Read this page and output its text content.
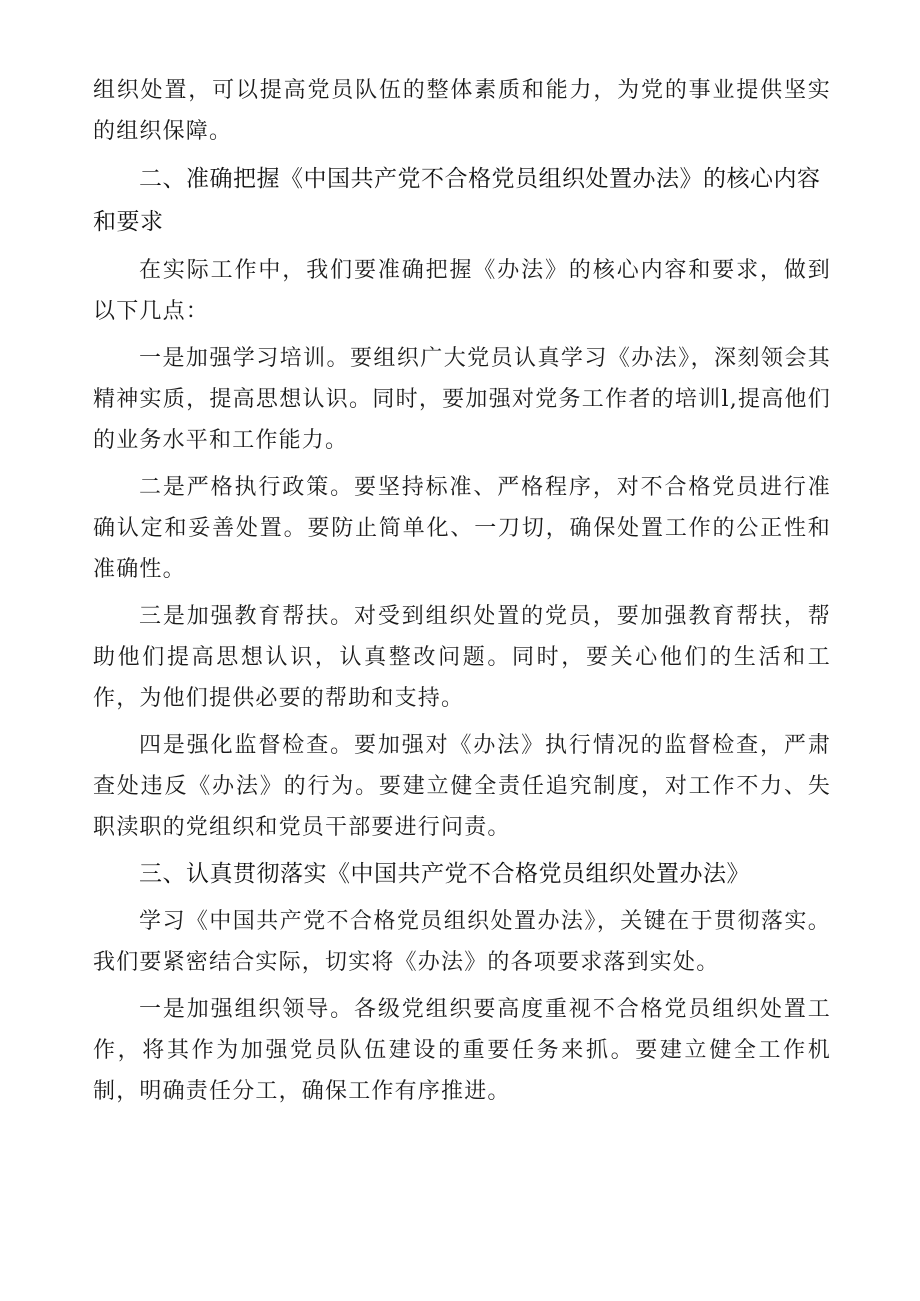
组织处置，可以提高党员队伍的整体素质和能力，为党的事业提供坚实的组织保障。

二、准确把握《中国共产党不合格党员组织处置办法》的核心内容和要求

在实际工作中，我们要准确把握《办法》的核心内容和要求，做到以下几点：

一是加强学习培训。要组织广大党员认真学习《办法》，深刻领会其精神实质，提高思想认识。同时，要加强对党务工作者的培训l,提高他们的业务水平和工作能力。

二是严格执行政策。要坚持标准、严格程序，对不合格党员进行准确认定和妥善处置。要防止简单化、一刀切，确保处置工作的公正性和准确性。

三是加强教育帮扶。对受到组织处置的党员，要加强教育帮扶，帮助他们提高思想认识，认真整改问题。同时，要关心他们的生活和工作，为他们提供必要的帮助和支持。

四是强化监督检查。要加强对《办法》执行情况的监督检查，严肃查处违反《办法》的行为。要建立健全责任追究制度，对工作不力、失职渎职的党组织和党员干部要进行问责。

三、认真贯彻落实《中国共产党不合格党员组织处置办法》

学习《中国共产党不合格党员组织处置办法》，关键在于贯彻落实。我们要紧密结合实际，切实将《办法》的各项要求落到实处。

一是加强组织领导。各级党组织要高度重视不合格党员组织处置工作，将其作为加强党员队伍建设的重要任务来抓。要建立健全工作机制，明确责任分工，确保工作有序推进。
